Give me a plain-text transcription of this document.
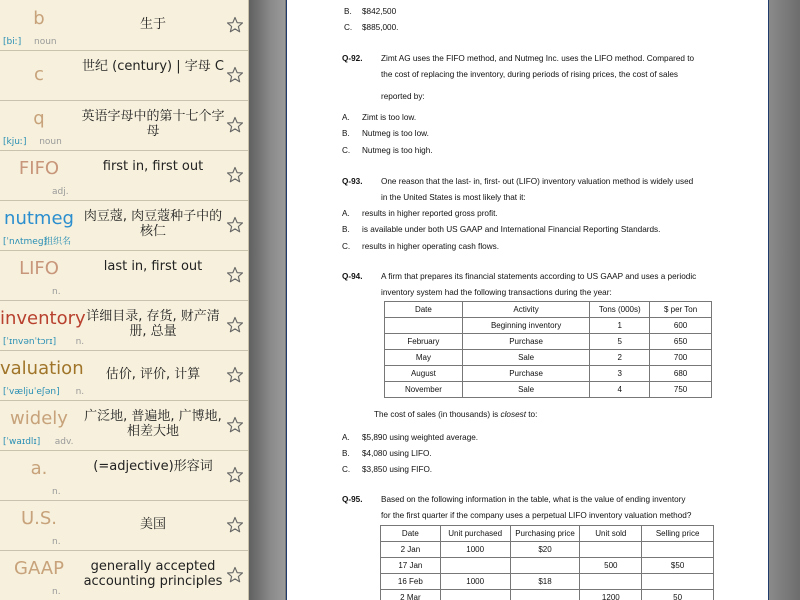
b
[biː] noun
生于
c	世纪 (century) | 字母 C
q
[kjuː] noun
英语字母中的第十七个字母
FIFO
adj.
first in, first out
nutmeg
[ˈnʌtmeg]
组织名
肉豆蔻, 肉豆蔻种子中的核仁
LIFO
n.
last in, first out
inventory
[ˈɪnvənˈtɔrɪ] n.
详细目录, 存货, 财产清册, 总量
valuation
[ˈvæljuˈeʃən] n.
估价, 评价, 计算
widely
[ˈwaɪdlɪ] adv.
广泛地, 普遍地, 广博地, 相差大地
a.
n.
(=adjective)形容词
U.S.
n.
美国
GAAP
n.
generally accepted accounting principles
B. $842,500
C. $885,000.
Q-92. Zimt AG uses the FIFO method, and Nutmeg Inc. uses the LIFO method. Compared to
the cost of replacing the inventory, during periods of rising prices, the cost of sales
reported by:
A. Zimt is too low.
B. Nutmeg is too low.
C. Nutmeg is too high.
Q-93. One reason that the last- in, first- out (LIFO) inventory valuation method is widely used
in the United States is most likely that it:
A. results in higher reported gross profit.
B. is available under both US GAAP and International Financial Reporting Standards.
C. results in higher operating cash flows.
Q-94. A firm that prepares its financial statements according to US GAAP and uses a periodic
inventory system had the following transactions during the year:
Date	Activity	Tons (000s)	$ per Ton
	Beginning inventory	1	600
February	Purchase	5	650
May	Sale	2	700
August	Purchase	3	680
November	Sale	4	750
The cost of sales (in thousands) is closest to:
A. $5,890 using weighted average.
B. $4,080 using LIFO.
C. $3,850 using FIFO.
Q-95. Based on the following information in the table, what is the value of ending inventory
for the first quarter if the company uses a perpetual LIFO inventory valuation method?
Date	Unit purchased	Purchasing price	Unit sold	Selling price
2 Jan	1000	$20		
17 Jan			500	$50
16 Feb	1000	$18		
2 Mar			1200	50
